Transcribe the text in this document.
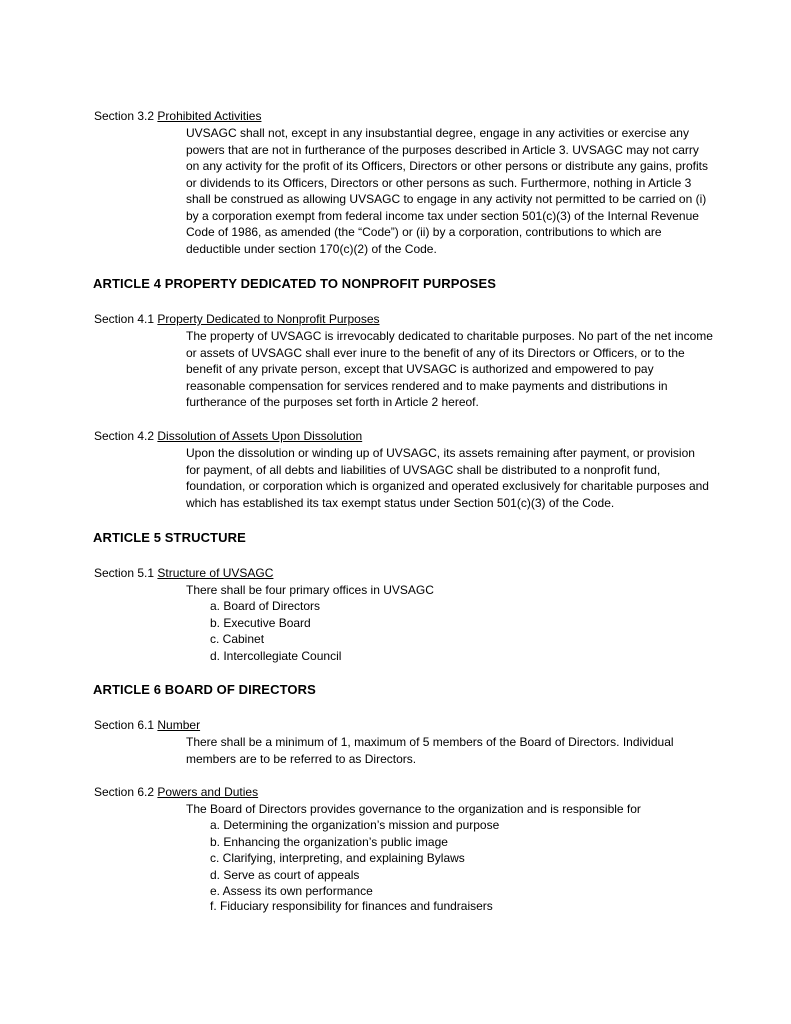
Section 3.2 Prohibited Activities
UVSAGC shall not, except in any insubstantial degree, engage in any activities or exercise any
powers that are not in furtherance of the purposes described in Article 3. UVSAGC may not carry
on any activity for the profit of its Officers, Directors or other persons or distribute any gains, profits
or dividends to its Officers, Directors or other persons as such. Furthermore, nothing in Article 3
shall be construed as allowing UVSAGC to engage in any activity not permitted to be carried on (i)
by a corporation exempt from federal income tax under section 501(c)(3) of the Internal Revenue
Code of 1986, as amended (the “Code”) or (ii) by a corporation, contributions to which are
deductible under section 170(c)(2) of the Code.
ARTICLE 4 PROPERTY DEDICATED TO NONPROFIT PURPOSES
Section 4.1 Property Dedicated to Nonprofit Purposes
The property of UVSAGC is irrevocably dedicated to charitable purposes. No part of the net income
or assets of UVSAGC shall ever inure to the benefit of any of its Directors or Officers, or to the
benefit of any private person, except that UVSAGC is authorized and empowered to pay
reasonable compensation for services rendered and to make payments and distributions in
furtherance of the purposes set forth in Article 2 hereof.
Section 4.2 Dissolution of Assets Upon Dissolution
Upon the dissolution or winding up of UVSAGC, its assets remaining after payment, or provision
for payment, of all debts and liabilities of UVSAGC shall be distributed to a nonprofit fund,
foundation, or corporation which is organized and operated exclusively for charitable purposes and
which has established its tax exempt status under Section 501(c)(3) of the Code.
ARTICLE 5 STRUCTURE
Section 5.1 Structure of UVSAGC
There shall be four primary offices in UVSAGC
a. Board of Directors
b. Executive Board
c. Cabinet
d. Intercollegiate Council
ARTICLE 6 BOARD OF DIRECTORS
Section 6.1 Number
There shall be a minimum of 1, maximum of 5 members of the Board of Directors. Individual
members are to be referred to as Directors.
Section 6.2 Powers and Duties
The Board of Directors provides governance to the organization and is responsible for
a. Determining the organization’s mission and purpose
b. Enhancing the organization’s public image
c. Clarifying, interpreting, and explaining Bylaws
d. Serve as court of appeals
e. Assess its own performance
f. Fiduciary responsibility for finances and fundraisers
